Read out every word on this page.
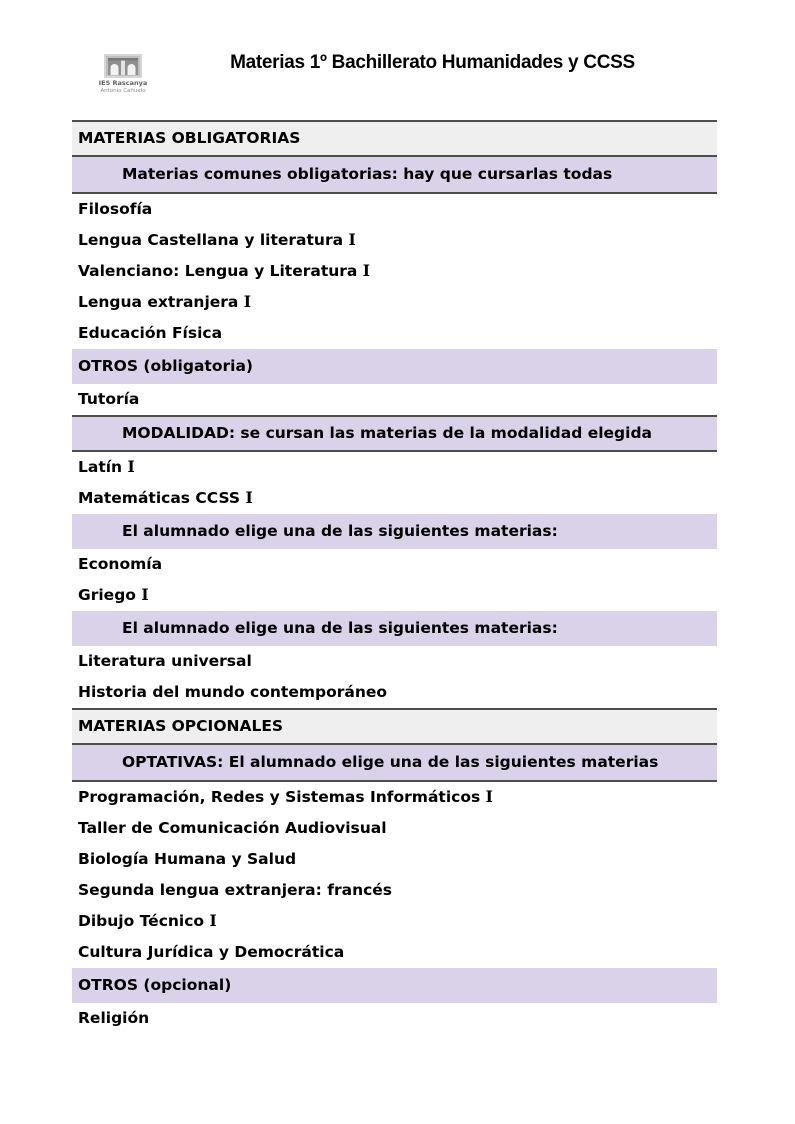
IES Rascanya
Antonio Cañuelo
Materias 1º Bachillerato Humanidades y CCSS
MATERIAS OBLIGATORIAS
Materias comunes obligatorias: hay que cursarlas todas
Filosofía
Lengua Castellana y literatura I
Valenciano: Lengua y Literatura I
Lengua extranjera I
Educación Física
OTROS (obligatoria)
Tutoría
MODALIDAD: se cursan las materias de la modalidad elegida
Latín I
Matemáticas CCSS I
El alumnado elige una de las siguientes materias:
Economía
Griego I
El alumnado elige una de las siguientes materias:
Literatura universal
Historia del mundo contemporáneo
MATERIAS OPCIONALES
OPTATIVAS: El alumnado elige una de las siguientes materias
Programación, Redes y Sistemas Informáticos I
Taller de Comunicación Audiovisual
Biología Humana y Salud
Segunda lengua extranjera: francés
Dibujo Técnico I
Cultura Jurídica y Democrática
OTROS (opcional)
Religión
